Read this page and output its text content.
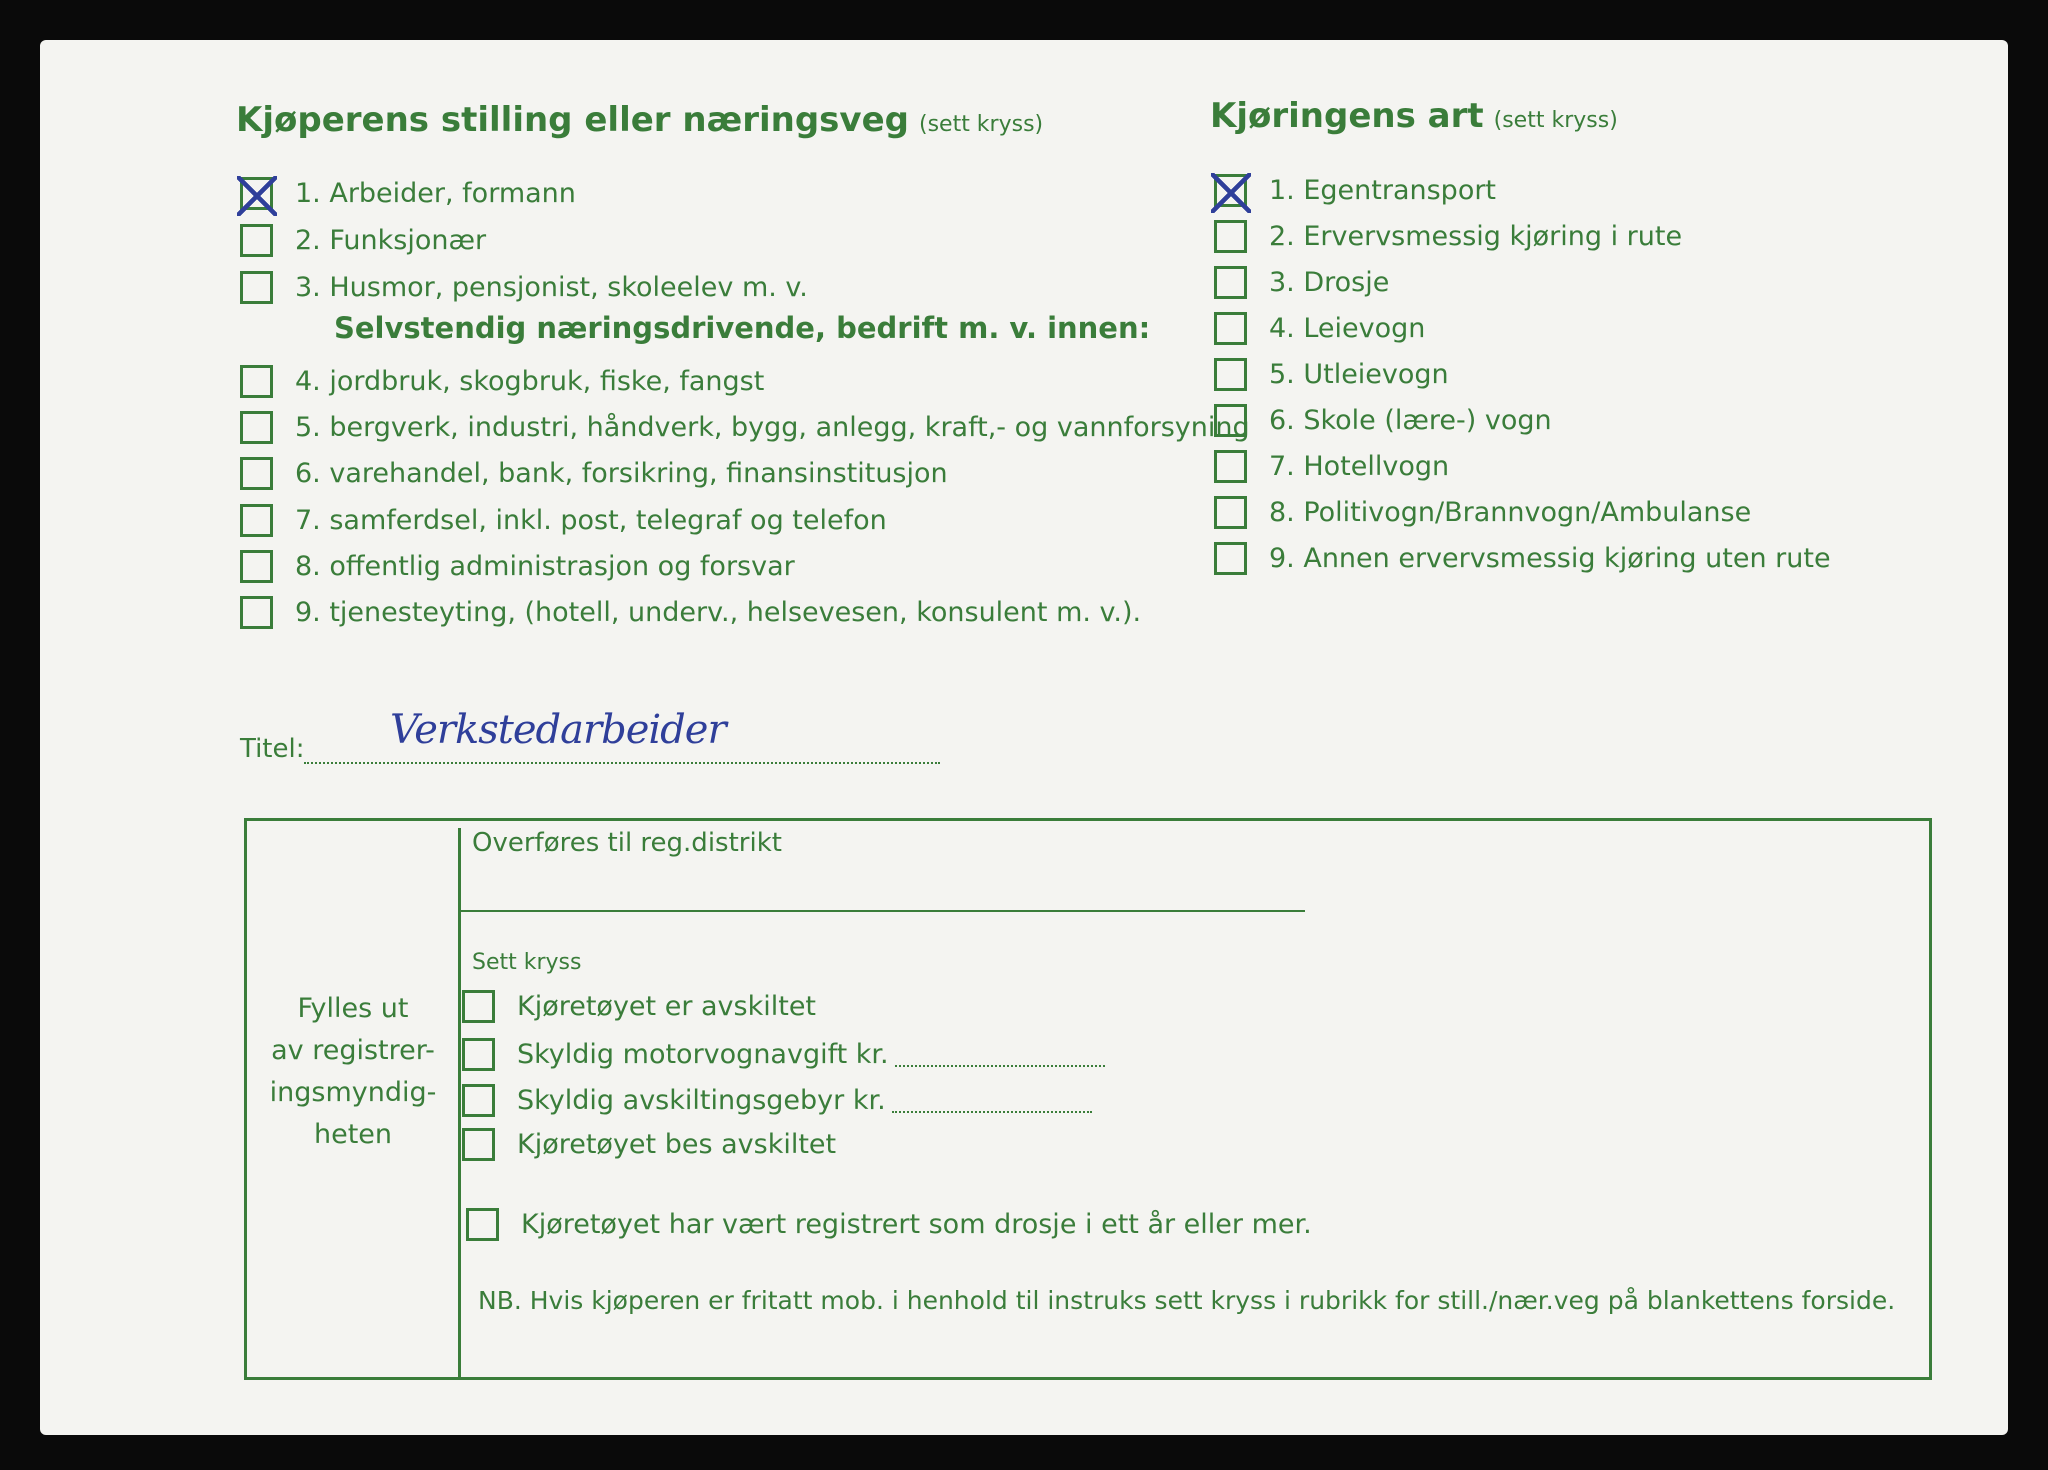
Kjøperens stilling eller næringsveg (sett kryss)
1. Arbeider, formann
2. Funksjonær
3. Husmor, pensjonist, skoleelev m. v.
Selvstendig næringsdrivende, bedrift m. v. innen:
4. jordbruk, skogbruk, fiske, fangst
5. bergverk, industri, håndverk, bygg, anlegg, kraft,- og vannforsyning
6. varehandel, bank, forsikring, finansinstitusjon
7. samferdsel, inkl. post, telegraf og telefon
8. offentlig administrasjon og forsvar
9. tjenesteyting, (hotell, underv., helsevesen, konsulent m. v.).
Kjøringens art (sett kryss)
1. Egentransport
2. Ervervsmessig kjøring i rute
3. Drosje
4. Leievogn
5. Utleievogn
6. Skole (lære-) vogn
7. Hotellvogn
8. Politivogn/Brannvogn/Ambulanse
9. Annen ervervsmessig kjøring uten rute
Titel: Verkstedarbeider
Fylles ut
av registrer-
ingsmyndig-
heten
Overføres til reg.distrikt
Sett kryss
Kjøretøyet er avskiltet
Skyldig motorvognavgift kr.
Skyldig avskiltingsgebyr kr.
Kjøretøyet bes avskiltet
Kjøretøyet har vært registrert som drosje i ett år eller mer.
NB. Hvis kjøperen er fritatt mob. i henhold til instruks sett kryss i rubrikk for still./nær.veg på blankettens forside.
